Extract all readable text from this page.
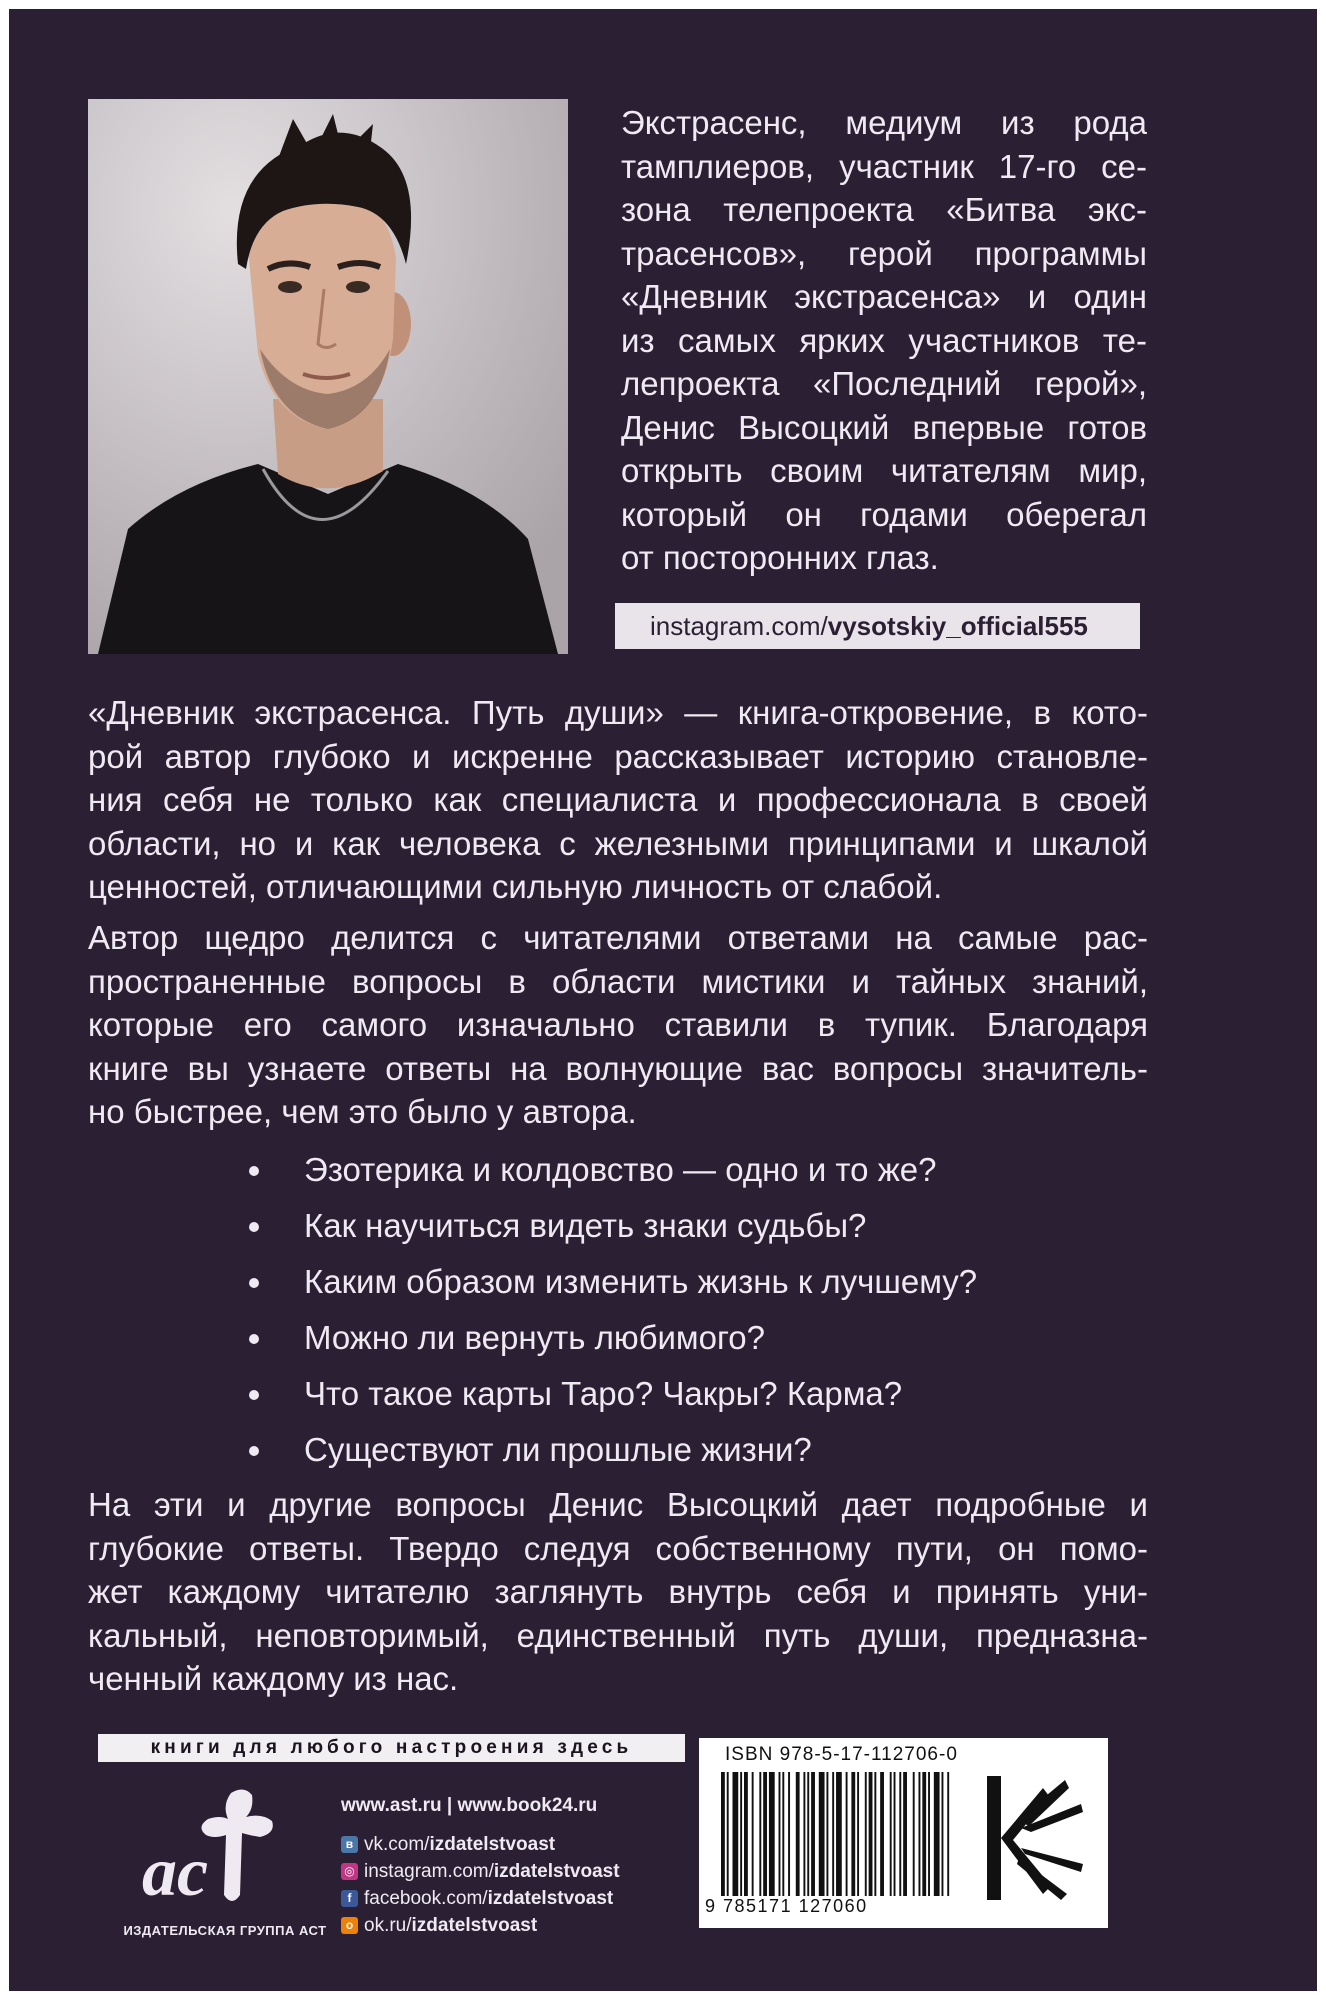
Экстрасенс, медиум из рода
тамплиеров, участник 17-го се-
зона телепроекта «Битва экс-
трасенсов», герой программы
«Дневник экстрасенса» и один
из самых ярких участников те-
лепроекта «Последний герой»,
Денис Высоцкий впервые готов
открыть своим читателям мир,
который он годами оберегал
от посторонних глаз.
instagram.com/vysotskiy_official555
«Дневник экстрасенса. Путь души» — книга-откровение, в кото-
рой автор глубоко и искренне рассказывает историю становле-
ния себя не только как специалиста и профессионала в своей
области, но и как человека с железными принципами и шкалой
ценностей, отличающими сильную личность от слабой.
Автор щедро делится с читателями ответами на самые рас-
пространенные вопросы в области мистики и тайных знаний,
которые его самого изначально ставили в тупик. Благодаря
книге вы узнаете ответы на волнующие вас вопросы значитель-
но быстрее, чем это было у автора.
Эзотерика и колдовство — одно и то же?
Как научиться видеть знаки судьбы?
Каким образом изменить жизнь к лучшему?
Можно ли вернуть любимого?
Что такое карты Таро? Чакры? Карма?
Существуют ли прошлые жизни?
На эти и другие вопросы Денис Высоцкий дает подробные и
глубокие ответы. Твердо следуя собственному пути, он помо-
жет каждому читателю заглянуть внутрь себя и принять уни-
кальный, неповторимый, единственный путь души, предназна-
ченный каждому из нас.
книги для любого настроения здесь
ас
ИЗДАТЕЛЬСКАЯ ГРУППА АСТ
www.ast.ru | www.book24.ru
в vk.com/ izdatelstvoast
◎ instagram.com/ izdatelstvoast
f facebook.com/ izdatelstvoast
о ok.ru/ izdatelstvoast
ISBN 978-5-17-112706-0
9 785171 127060
